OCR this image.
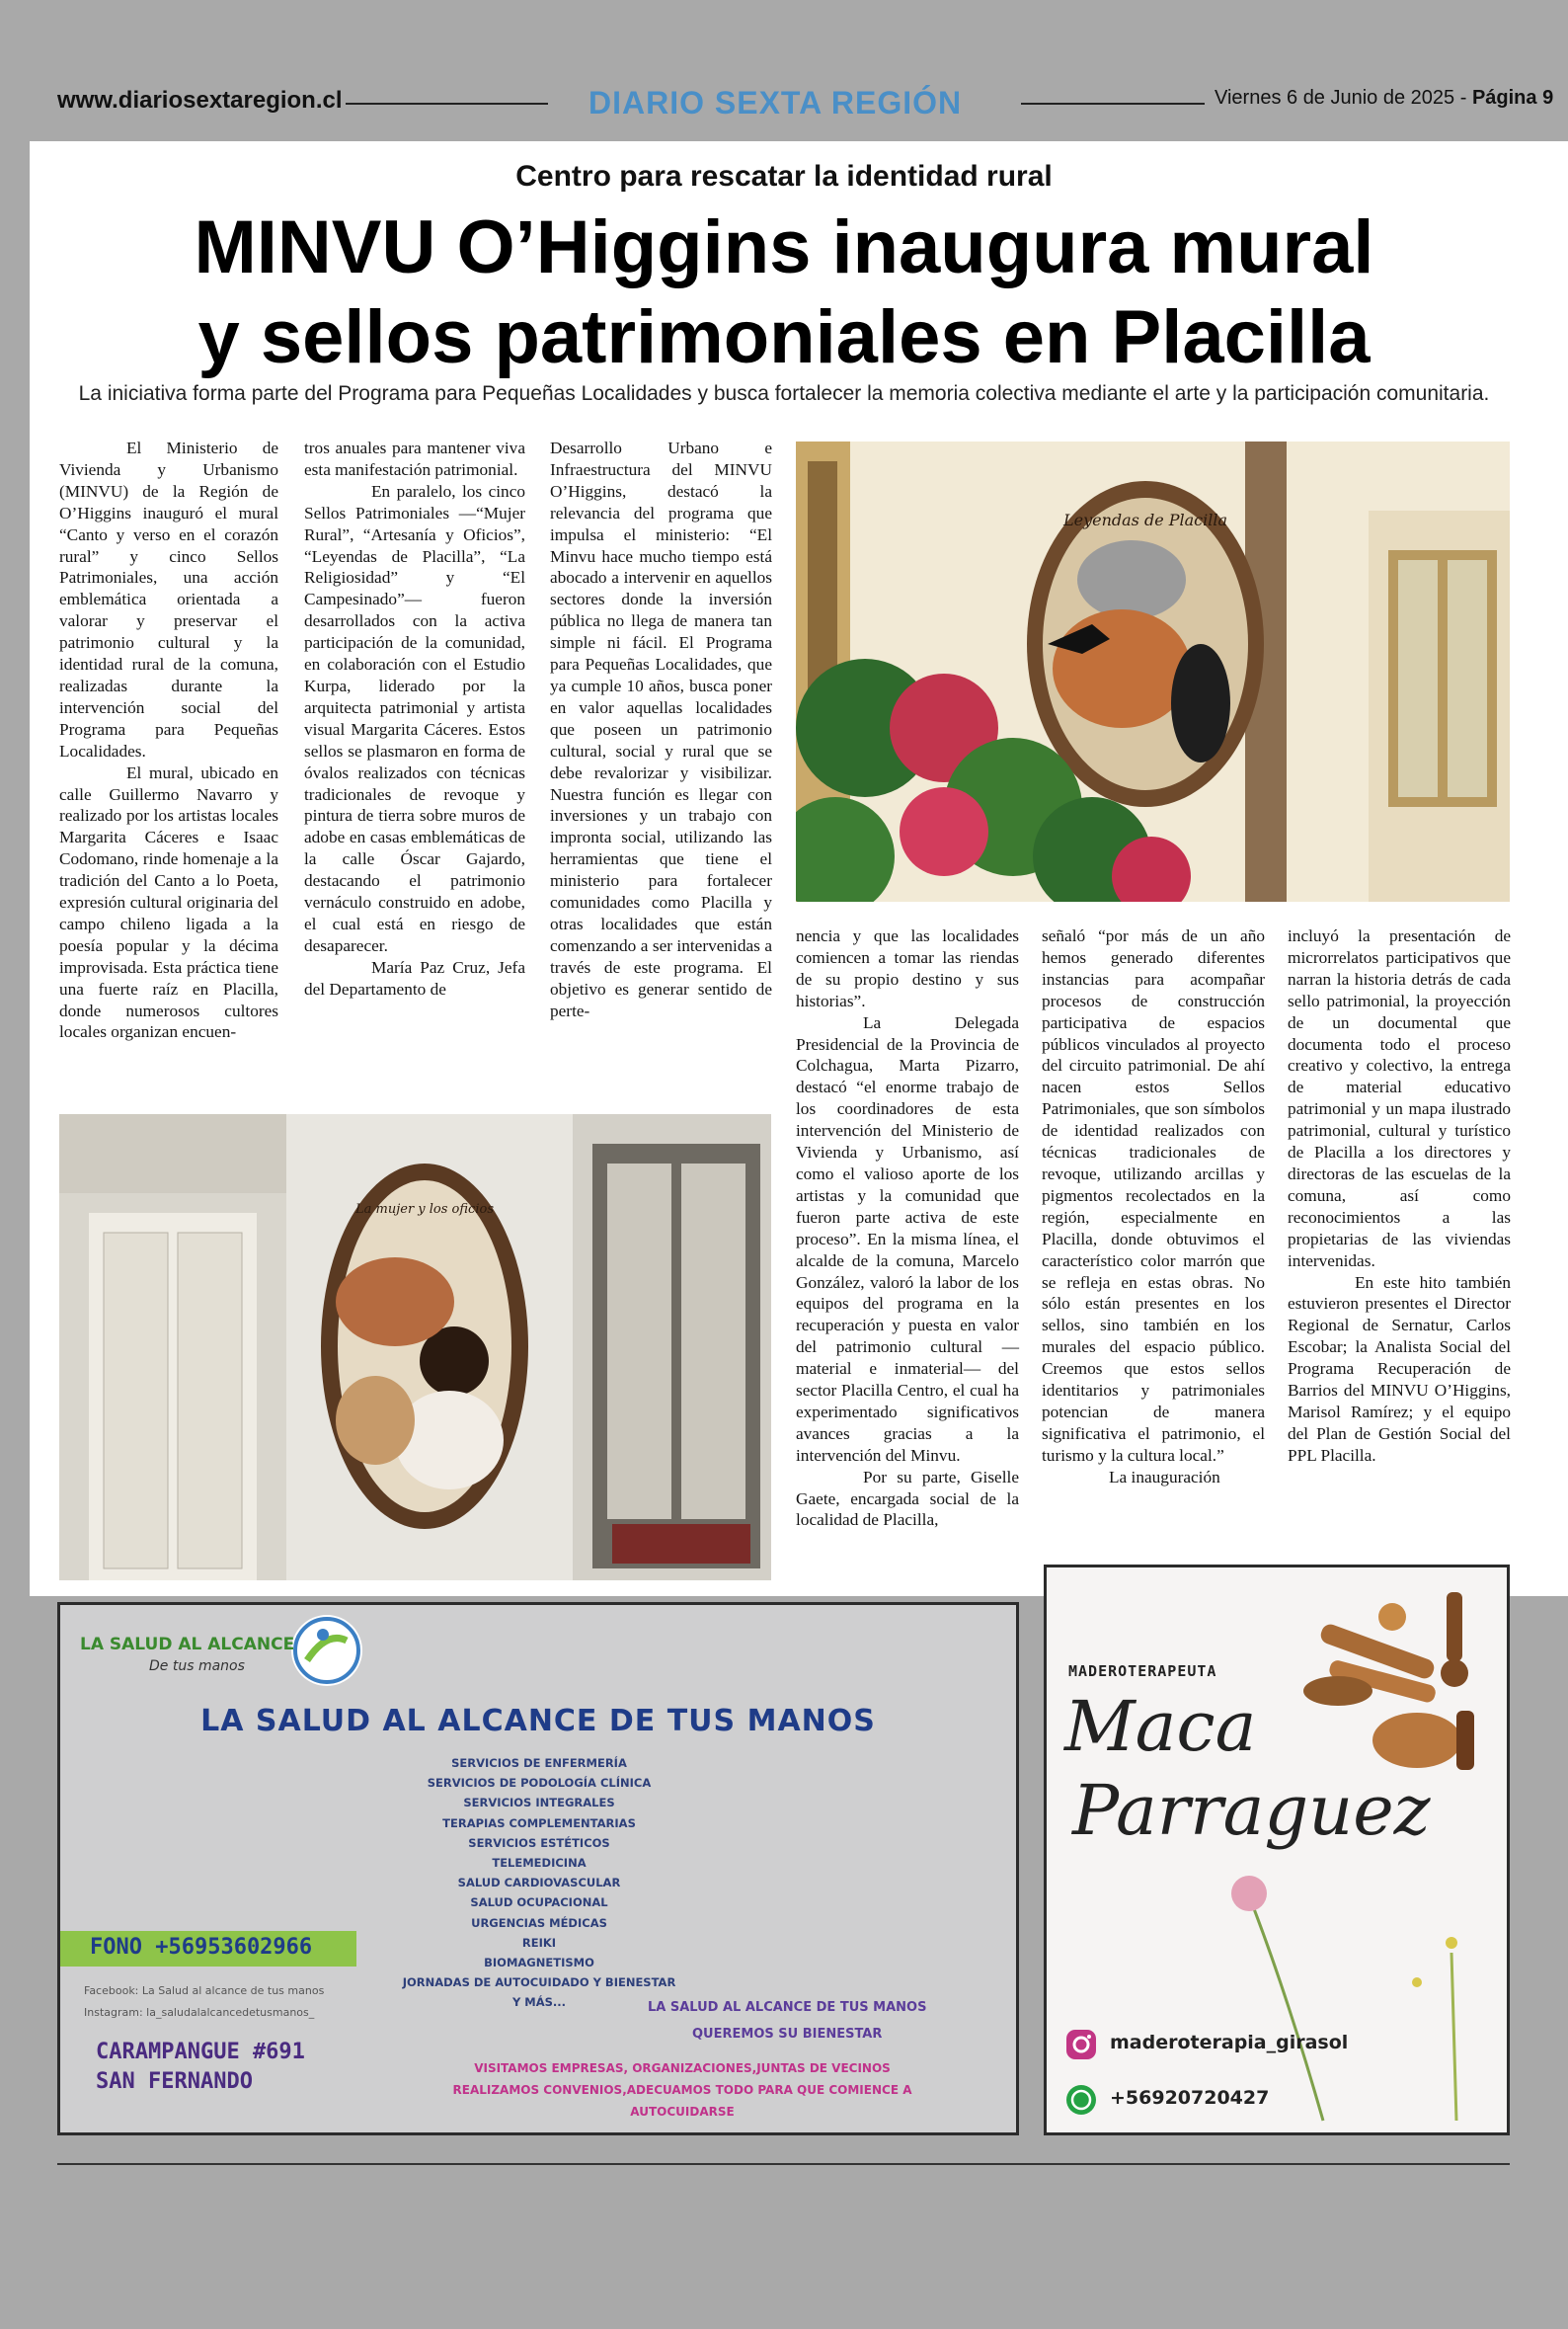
www.diariosextaregion.cl	DIARIO SEXTA REGIÓN	Viernes 6 de Junio de 2025 - Página 9
Centro para rescatar la identidad rural
MINVU O’Higgins inaugura mural
y sellos patrimoniales en Placilla
La iniciativa forma parte del Programa para Pequeñas Localidades y busca fortalecer la memoria colectiva mediante el arte y la participación comunitaria.

El Ministerio de Vivienda y Urbanismo (MINVU) de la Región de O’Higgins inauguró el mural “Canto y verso en el corazón rural” y cinco Sellos Patrimoniales, una acción emblemática orientada a valorar y preservar el patrimonio cultural y la identidad rural de la comuna, realizadas durante la intervención social del Programa para Pequeñas Localidades.

El mural, ubicado en calle Guillermo Navarro y realizado por los artistas locales Margarita Cáceres e Isaac Codomano, rinde homenaje a la tradición del Canto a lo Poeta, expresión cultural originaria del campo chileno ligada a la poesía popular y la décima improvisada. Esta práctica tiene una fuerte raíz en Placilla, donde numerosos cultores locales organizan encuen-

tros anuales para mantener viva esta manifestación patrimonial.

En paralelo, los cinco Sellos Patrimoniales —“Mujer Rural”, “Artesanía y Oficios”, “Leyendas de Placilla”, “La Religiosidad” y “El Campesinado”— fueron desarrollados con la activa participación de la comunidad, en colaboración con el Estudio Kurpa, liderado por la arquitecta patrimonial y artista visual Margarita Cáceres. Estos sellos se plasmaron en forma de óvalos realizados con técnicas tradicionales de revoque y pintura de tierra sobre muros de adobe en casas emblemáticas de la calle Óscar Gajardo, destacando el patrimonio vernáculo construido en adobe, el cual está en riesgo de desaparecer.

María Paz Cruz, Jefa del Departamento de

Desarrollo Urbano e Infraestructura del MINVU O’Higgins, destacó la relevancia del programa que impulsa el ministerio: “El Minvu hace mucho tiempo está abocado a intervenir en aquellos sectores donde la inversión pública no llega de manera tan simple ni fácil. El Programa para Pequeñas Localidades, que ya cumple 10 años, busca poner en valor aquellas localidades que poseen un patrimonio cultural, social y rural que se debe revalorizar y visibilizar. Nuestra función es llegar con inversiones y un trabajo con impronta social, utilizando las herramientas que tiene el ministerio para fortalecer comunidades como Placilla y otras localidades que están comenzando a ser intervenidas a través de este programa. El objetivo es generar sentido de perte-

nencia y que las localidades comiencen a tomar las riendas de su propio destino y sus historias”.

La Delegada Presidencial de la Provincia de Colchagua, Marta Pizarro, destacó “el enorme trabajo de los coordinadores de esta intervención del Ministerio de Vivienda y Urbanismo, así como el valioso aporte de los artistas y la comunidad que fueron parte activa de este proceso”. En la misma línea, el alcalde de la comuna, Marcelo González, valoró la labor de los equipos del programa en la recuperación y puesta en valor del patrimonio cultural —material e inmaterial— del sector Placilla Centro, el cual ha experimentado significativos avances gracias a la intervención del Minvu.

Por su parte, Giselle Gaete, encargada social de la localidad de Placilla,

señaló “por más de un año hemos generado diferentes instancias para acompañar procesos de construcción participativa de espacios públicos vinculados al proyecto del circuito patrimonial. De ahí nacen estos Sellos Patrimoniales, que son símbolos de identidad realizados con técnicas tradicionales de revoque, utilizando arcillas y pigmentos recolectados en la región, especialmente en Placilla, donde obtuvimos el característico color marrón que se refleja en estas obras. No sólo están presentes en los sellos, sino también en los murales del espacio público. Creemos que estos sellos identitarios y patrimoniales potencian de manera significativa el patrimonio, el turismo y la cultura local.”

La inauguración

incluyó la presentación de microrrelatos participativos que narran la historia detrás de cada sello patrimonial, la proyección de un documental que documenta todo el proceso creativo y colectivo, la entrega de material educativo patrimonial y un mapa ilustrado patrimonial, cultural y turístico de Placilla a los directores y directoras de las escuelas de la comuna, así como reconocimientos a las propietarias de las viviendas intervenidas.

En este hito también estuvieron presentes el Director Regional de Sernatur, Carlos Escobar; la Analista Social del Programa Recuperación de Barrios del MINVU O’Higgins, Marisol Ramírez; y el equipo del Plan de Gestión Social del PPL Placilla.

Leyendas de Placilla
La mujer y los oficios
LA SALUD AL ALCANCE
De tus manos
LA SALUD AL ALCANCE DE TUS MANOS
SERVICIOS DE ENFERMERÍA
SERVICIOS DE PODOLOGÍA CLÍNICA
SERVICIOS INTEGRALES
TERAPIAS COMPLEMENTARIAS
SERVICIOS ESTÉTICOS
TELEMEDICINA
SALUD CARDIOVASCULAR
SALUD OCUPACIONAL
URGENCIAS MÉDICAS
REIKI
BIOMAGNETISMO
JORNADAS DE AUTOCUIDADO Y BIENESTAR
Y MÁS...
FONO +56953602966
Facebook: La Salud al alcance de tus manos
Instagram: la_saludalalcancedetusmanos_
CARAMPANGUE #691
SAN FERNANDO
LA SALUD AL ALCANCE DE TUS MANOS
QUEREMOS SU BIENESTAR
VISITAMOS EMPRESAS, ORGANIZACIONES,JUNTAS DE VECINOS
REALIZAMOS CONVENIOS,ADECUAMOS TODO PARA QUE COMIENCE A
AUTOCUIDARSE
MADEROTERAPEUTA
Maca
Parraguez
maderoterapia_girasol
+56920720427
